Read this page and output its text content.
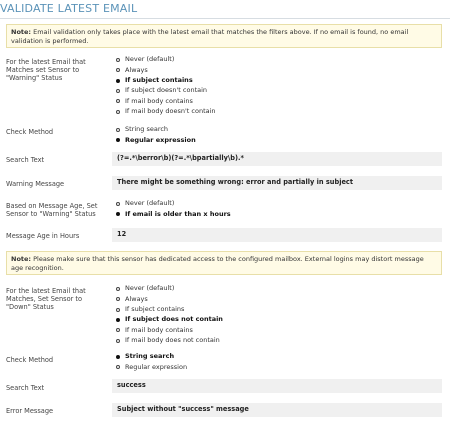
VALIDATE LATEST EMAIL
Note: Email validation only takes place with the latest email that matches the filters above. If no email is found, no email validation is performed.
For the latest Email that Matches set Sensor to "Warning" Status
Never (default)
Always
If subject contains
If subject doesn't contain
If mail body contains
If mail body doesn't contain
Check Method	String search
Regular expression
Search Text	(?=.*\berror\b)(?=.*\bpartially\b).*
Warning Message	There might be something wrong: error and partially in subject
Based on Message Age, Set Sensor to "Warning" Status
Never (default)
If email is older than x hours
Message Age in Hours	12
Note: Please make sure that this sensor has dedicated access to the configured mailbox. External logins may distort message age recognition.
For the latest Email that Matches, Set Sensor to "Down" Status
Never (default)
Always
If subject contains
If subject does not contain
If mail body contains
If mail body does not contain
Check Method	String search
Regular expression
Search Text	success
Error Message	Subject without "success" message
